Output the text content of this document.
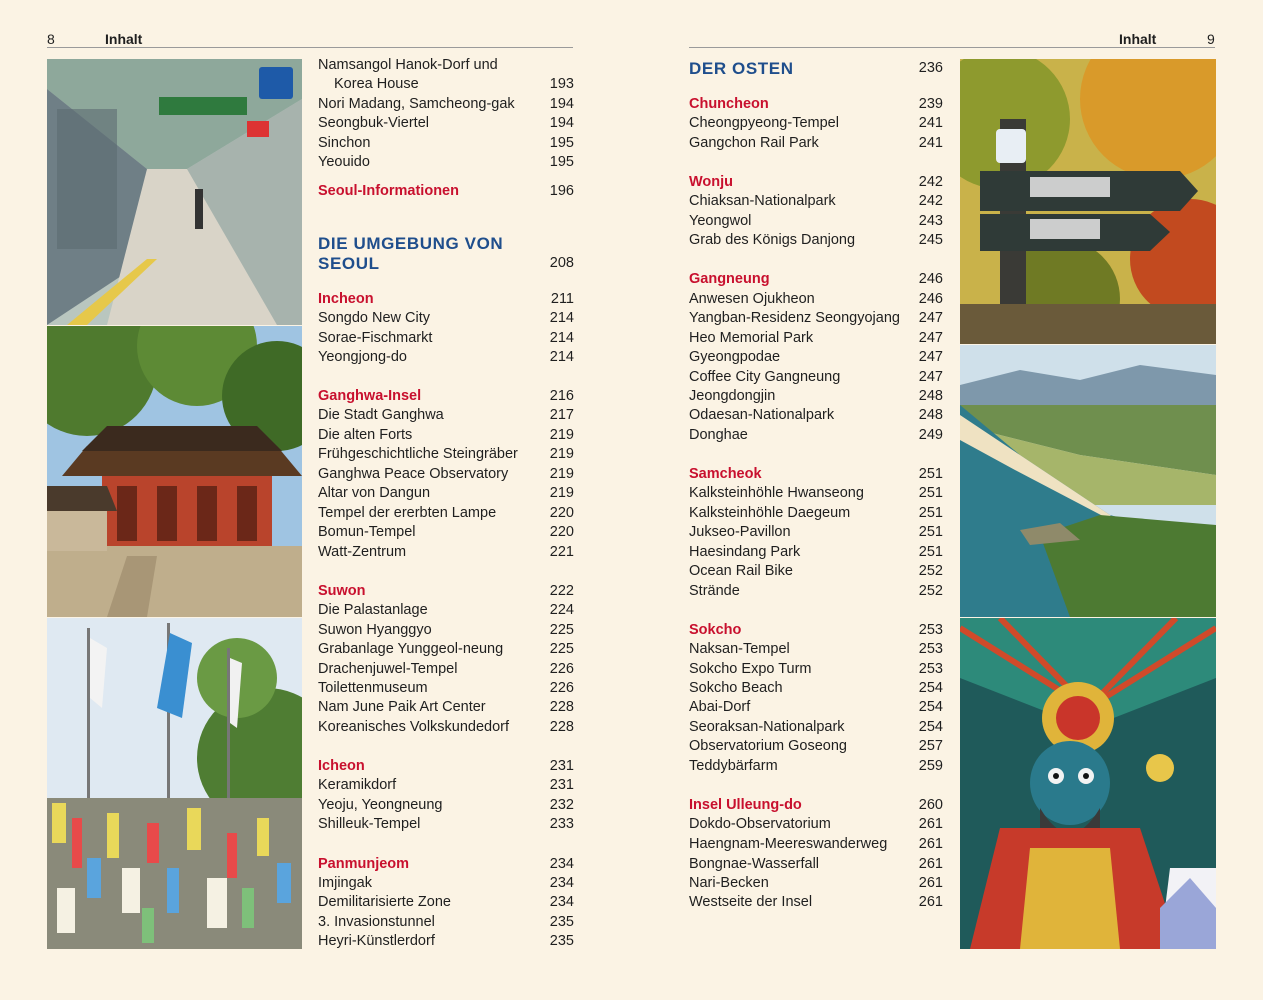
8	Inhalt
Namsangol Hanok-Dorf und
Korea House	193
Nori Madang, Samcheong-gak 194
Seongbuk-Viertel	194
Sinchon	195
Yeouido	195
Seoul-Informationen	196
DIE UMGEBUNG VON
SEOUL	208
Incheon	211
Songdo New City	214
Sorae-Fischmarkt	214
Yeongjong-do	214
Ganghwa-Insel	216
Die Stadt Ganghwa	217
Die alten Forts	219
Frühgeschichtliche Steingräber 219
Ganghwa Peace Observatory	219
Altar von Dangun	219
Tempel der ererbten Lampe	220
Bomun-Tempel	220
Watt-Zentrum	221
Suwon	222
Die Palastanlage	224
Suwon Hyanggyo	225
Grabanlage Yunggeol-neung	225
Drachenjuwel-Tempel	226
Toilettenmuseum	226
Nam June Paik Art Center	228
Koreanisches Volkskundedorf	228
Icheon	231
Keramikdorf	231
Yeoju, Yeongneung	232
Shilleuk-Tempel	233
Panmunjeom	234
Imjingak	234
Demilitarisierte Zone	234
3. Invasionstunnel	235
Heyri-Künstlerdorf	235
Inhalt	9
DER OSTEN	236
Chuncheon	239
Cheongpyeong-Tempel	241
Gangchon Rail Park	241
Wonju	242
Chiaksan-Nationalpark	242
Yeongwol	243
Grab des Königs Danjong	245
Gangneung	246
Anwesen Ojukheon	246
Yangban-Residenz Seongyojang 247
Heo Memorial Park	247
Gyeongpodae	247
Coffee City Gangneung	247
Jeongdongjin	248
Odaesan-Nationalpark	248
Donghae	249
Samcheok	251
Kalksteinhöhle Hwanseong	251
Kalksteinhöhle Daegeum	251
Jukseo-Pavillon	251
Haesindang Park	251
Ocean Rail Bike	252
Strände	252
Sokcho	253
Naksan-Tempel	253
Sokcho Expo Turm	253
Sokcho Beach	254
Abai-Dorf	254
Seoraksan-Nationalpark	254
Observatorium Goseong	257
Teddybärfarm	259
Insel Ulleung-do	260
Dokdo-Observatorium	261
Haengnam-Meereswanderweg 261
Bongnae-Wasserfall	261
Nari-Becken	261
Westseite der Insel	261
